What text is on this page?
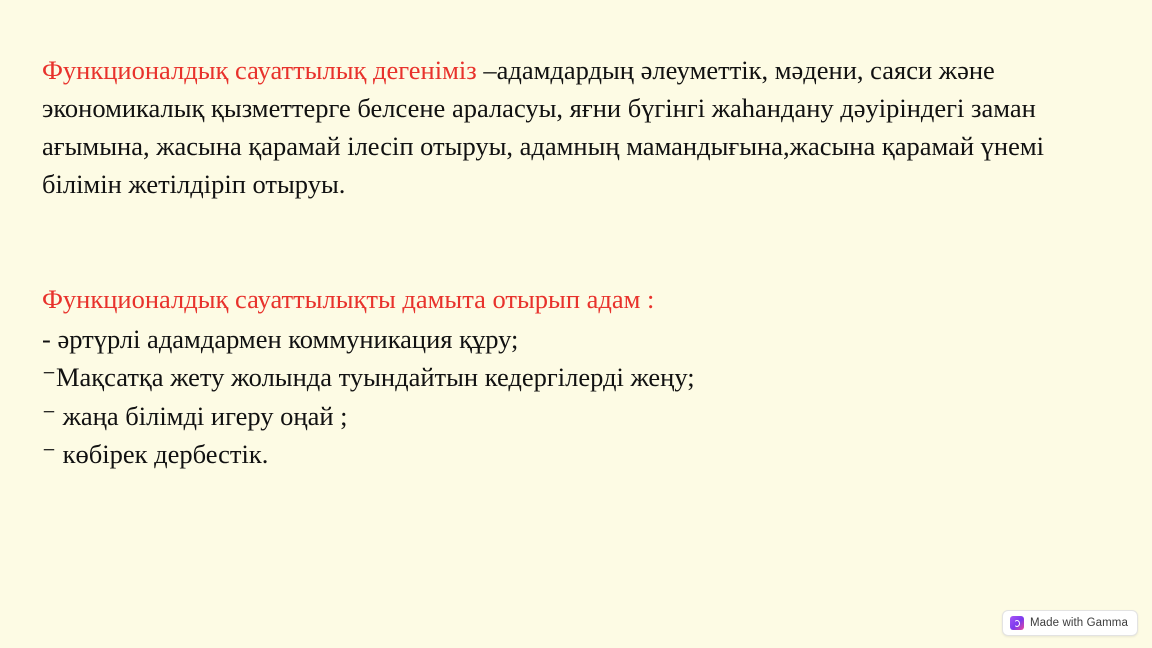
Функционалдық сауаттылық дегеніміз –адамдардың әлеуметтік, мәдени, саяси және экономикалық қызметтерге белсене араласуы, яғни бүгінгі жаһандану дәуіріндегі заман ағымына, жасына қарамай ілесіп отыруы, адамның мамандығына,жасына қарамай үнемі білімін жетілдіріп отыруы.

Функционалдық сауаттылықты дамыта отырып адам :

- әртүрлі адамдармен коммуникация құру;
⁻Мақсатқа жету жолында туындайтын кедергілерді жеңу;
⁻ жаңа білімді игеру оңай ;
⁻ көбірек дербестік.
Made with Gamma
